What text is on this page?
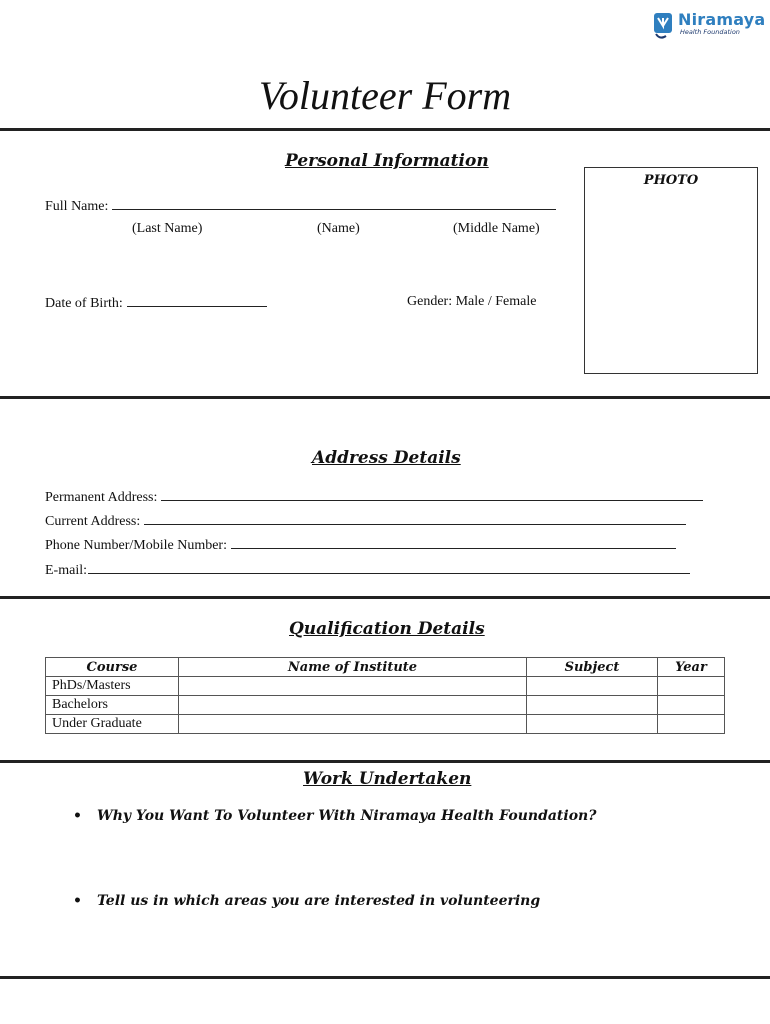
Niramaya
Health Foundation
Volunteer Form
Personal Information
PHOTO
Full Name:
(Last Name)	(Name)	(Middle Name)
Date of Birth:	Gender: Male / Female
Address Details
Permanent Address:
Current Address:
Phone Number/Mobile Number:
E-mail:
Qualification Details
Course	Name of Institute	Subject	Year
PhDs/Masters			
Bachelors			
Under Graduate			
Work Undertaken
• Why You Want To Volunteer With Niramaya Health Foundation?
• Tell us in which areas you are interested in volunteering
